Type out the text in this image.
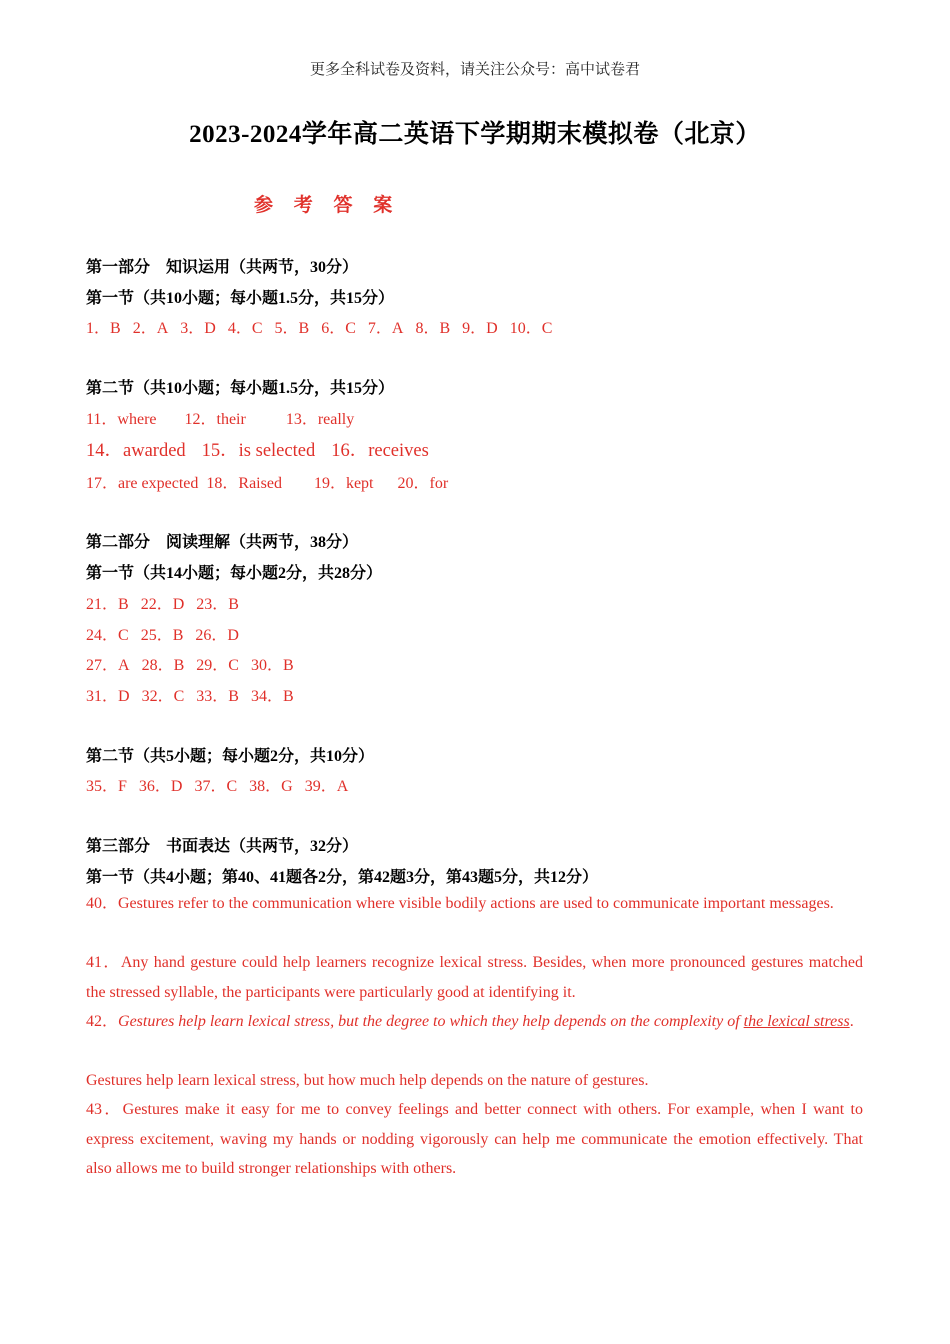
更多全科试卷及资料，请关注公众号：高中试卷君
2023-2024学年高二英语下学期期末模拟卷（北京）
参 考 答 案
第一部分　知识运用（共两节，30分）
第一节（共10小题；每小题1.5分，共15分）
1．B 2．A 3．D 4．C 5．B 6．C 7．A 8．B 9．D 10．C
第二节（共10小题；每小题1.5分，共15分）
11．where 12．their	13．really
14．awarded 15．is selected 16．receives
17．are expected 18．Raised 19．kept 20．for
第二部分　阅读理解（共两节，38分）
第一节（共14小题；每小题2分，共28分）
21．B 22．D 23．B
24．C 25．B 26．D
27．A 28．B 29．C 30．B
31．D 32．C 33．B 34．B
第二节（共5小题；每小题2分，共10分）
35．F 36．D 37．C 38．G 39．A
第三部分　书面表达（共两节，32分）
第一节（共4小题；第40、41题各2分，第42题3分，第43题5分，共12分）
40．Gestures refer to the communication where visible bodily actions are used to communicate important messages.
41．Any hand gesture could help learners recognize lexical stress. Besides, when more pronounced gestures matched the stressed syllable, the participants were particularly good at identifying it.
42．Gestures help learn lexical stress, but the degree to which they help depends on the complexity of the lexical stress.
Gestures help learn lexical stress, but how much help depends on the nature of gestures.
43．Gestures make it easy for me to convey feelings and better connect with others. For example, when I want to express excitement, waving my hands or nodding vigorously can help me communicate the emotion effectively. That also allows me to build stronger relationships with others.
